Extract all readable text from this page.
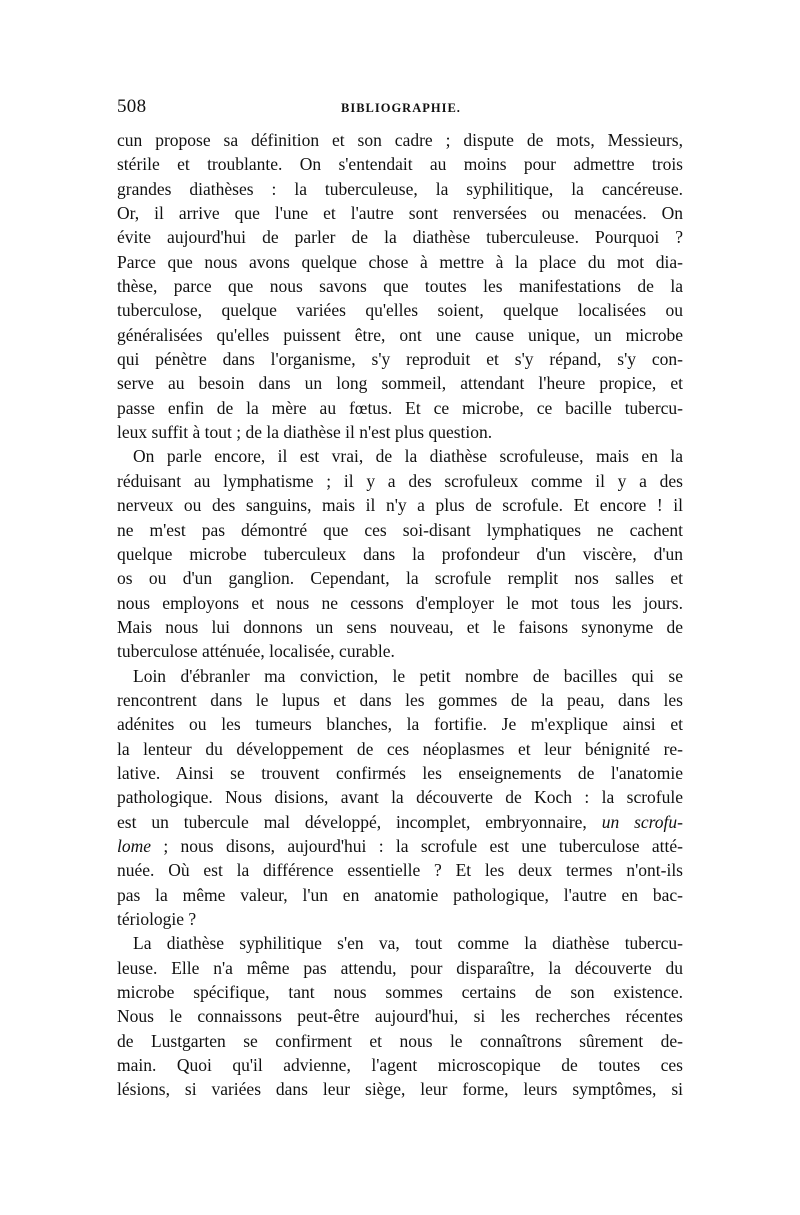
508	BIBLIOGRAPHIE.
cun propose sa définition et son cadre ; dispute de mots, Messieurs,
stérile et troublante. On s'entendait au moins pour admettre trois
grandes diathèses : la tuberculeuse, la syphilitique, la cancéreuse.
Or, il arrive que l'une et l'autre sont renversées ou menacées. On
évite aujourd'hui de parler de la diathèse tuberculeuse. Pourquoi ?
Parce que nous avons quelque chose à mettre à la place du mot dia-
thèse, parce que nous savons que toutes les manifestations de la
tuberculose, quelque variées qu'elles soient, quelque localisées ou
généralisées qu'elles puissent être, ont une cause unique, un microbe
qui pénètre dans l'organisme, s'y reproduit et s'y répand, s'y con-
serve au besoin dans un long sommeil, attendant l'heure propice, et
passe enfin de la mère au fœtus. Et ce microbe, ce bacille tubercu-
leux suffit à tout ; de la diathèse il n'est plus question.
On parle encore, il est vrai, de la diathèse scrofuleuse, mais en la
réduisant au lymphatisme ; il y a des scrofuleux comme il y a des
nerveux ou des sanguins, mais il n'y a plus de scrofule. Et encore ! il
ne m'est pas démontré que ces soi-disant lymphatiques ne cachent
quelque microbe tuberculeux dans la profondeur d'un viscère, d'un
os ou d'un ganglion. Cependant, la scrofule remplit nos salles et
nous employons et nous ne cessons d'employer le mot tous les jours.
Mais nous lui donnons un sens nouveau, et le faisons synonyme de
tuberculose atténuée, localisée, curable.
Loin d'ébranler ma conviction, le petit nombre de bacilles qui se
rencontrent dans le lupus et dans les gommes de la peau, dans les
adénites ou les tumeurs blanches, la fortifie. Je m'explique ainsi et
la lenteur du développement de ces néoplasmes et leur bénignité re-
lative. Ainsi se trouvent confirmés les enseignements de l'anatomie
pathologique. Nous disions, avant la découverte de Koch : la scrofule
est un tubercule mal développé, incomplet, embryonnaire, un scrofu-
lome ; nous disons, aujourd'hui : la scrofule est une tuberculose atté-
nuée. Où est la différence essentielle ? Et les deux termes n'ont-ils
pas la même valeur, l'un en anatomie pathologique, l'autre en bac-
tériologie ?
La diathèse syphilitique s'en va, tout comme la diathèse tubercu-
leuse. Elle n'a même pas attendu, pour disparaître, la découverte du
microbe spécifique, tant nous sommes certains de son existence.
Nous le connaissons peut-être aujourd'hui, si les recherches récentes
de Lustgarten se confirment et nous le connaîtrons sûrement de-
main. Quoi qu'il advienne, l'agent microscopique de toutes ces
lésions, si variées dans leur siège, leur forme, leurs symptômes, si
